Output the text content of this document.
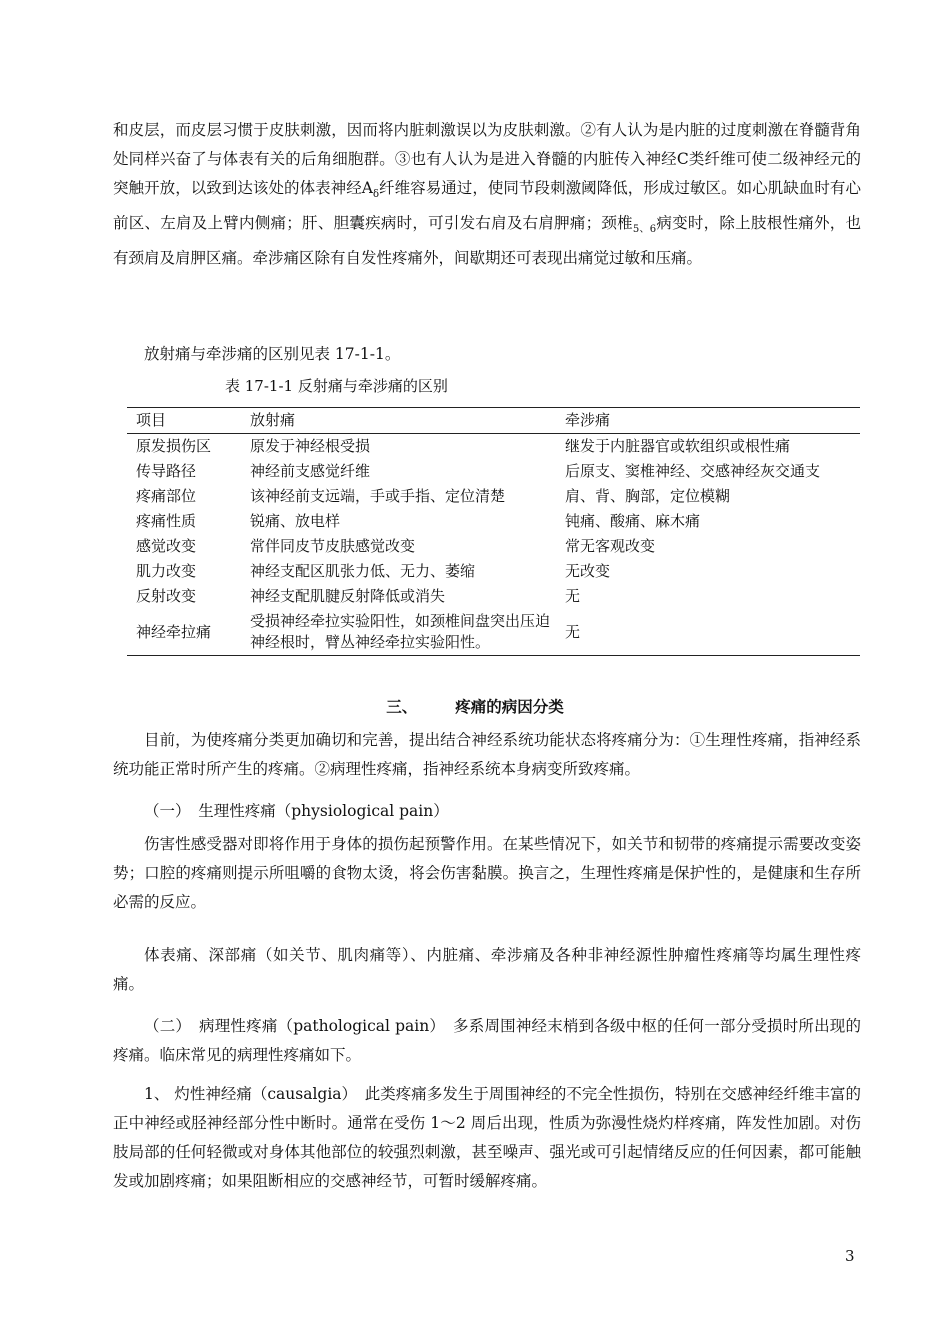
和皮层，而皮层习惯于皮肤刺激，因而将内脏刺激误以为皮肤刺激。②有人认为是内脏的过度刺激在脊髓背角处同样兴奋了与体表有关的后角细胞群。③也有人认为是进入脊髓的内脏传入神经C类纤维可使二级神经元的突触开放，以致到达该处的体表神经$A_\delta$纤维容易通过，使同节段刺激阈降低，形成过敏区。如心肌缺血时有心前区、左肩及上臂内侧痛；肝、胆囊疾病时，可引发右肩及右肩胛痛；颈椎$_{5、6}$病变时，除上肢根性痛外，也有颈肩及肩胛区痛。牵涉痛区除有自发性疼痛外，间歇期还可表现出痛觉过敏和压痛。

放射痛与牵涉痛的区别见表 17-1-1。

表 17-1-1 反射痛与牵涉痛的区别
项目	放射痛	牵涉痛
原发损伤区	原发于神经根受损	继发于内脏器官或软组织或根性痛
传导路径	神经前支感觉纤维	后原支、窦椎神经、交感神经灰交通支
疼痛部位	该神经前支远端，手或手指、定位清楚	肩、背、胸部，定位模糊
疼痛性质	锐痛、放电样	钝痛、酸痛、麻木痛
感觉改变	常伴同皮节皮肤感觉改变	常无客观改变
肌力改变	神经支配区肌张力低、无力、萎缩	无改变
反射改变	神经支配肌腱反射降低或消失	无
神经牵拉痛	受损神经牵拉实验阳性，如颈椎间盘突出压迫神经根时，臂丛神经牵拉实验阳性。	无
三、 疼痛的病因分类

目前，为使疼痛分类更加确切和完善，提出结合神经系统功能状态将疼痛分为：①生理性疼痛，指神经系统功能正常时所产生的疼痛。②病理性疼痛，指神经系统本身病变所致疼痛。

（一）　生理性疼痛（physiological pain）

伤害性感受器对即将作用于身体的损伤起预警作用。在某些情况下，如关节和韧带的疼痛提示需要改变姿势；口腔的疼痛则提示所咀嚼的食物太烫，将会伤害黏膜。换言之，生理性疼痛是保护性的，是健康和生存所必需的反应。

体表痛、深部痛（如关节、肌肉痛等）、内脏痛、牵涉痛及各种非神经源性肿瘤性疼痛等均属生理性疼痛。

（二）　病理性疼痛（pathological pain）　多系周围神经末梢到各级中枢的任何一部分受损时所出现的疼痛。临床常见的病理性疼痛如下。

1、 灼性神经痛（causalgia）　此类疼痛多发生于周围神经的不完全性损伤，特别在交感神经纤维丰富的正中神经或胫神经部分性中断时。通常在受伤 1～2 周后出现，性质为弥漫性烧灼样疼痛，阵发性加剧。对伤肢局部的任何轻微或对身体其他部位的较强烈刺激，甚至噪声、强光或可引起情绪反应的任何因素，都可能触发或加剧疼痛；如果阻断相应的交感神经节，可暂时缓解疼痛。

3
